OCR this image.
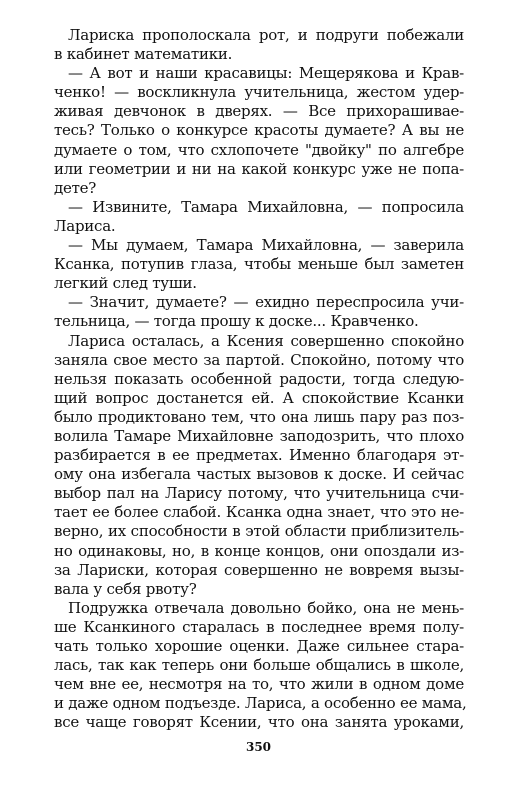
Лариска прополоскала рот, и подруги побежали
в кабинет математики.
— А вот и наши красавицы: Мещерякова и Крав-
ченко! — воскликнула учительница, жестом удер-
живая девчонок в дверях. — Все прихорашивае-
тесь? Только о конкурсе красоты думаете? А вы не
думаете о том, что схлопочете "двойку" по алгебре
или геометрии и ни на какой конкурс уже не попа-
дете?
— Извините, Тамара Михайловна, — попросила
Лариса.
— Мы думаем, Тамара Михайловна, — заверила
Ксанка, потупив глаза, чтобы меньше был заметен
легкий след туши.
— Значит, думаете? — ехидно переспросила учи-
тельница, — тогда прошу к доске... Кравченко.
Лариса осталась, а Ксения совершенно спокойно
заняла свое место за партой. Спокойно, потому что
нельзя показать особенной радости, тогда следую-
щий вопрос достанется ей. А спокойствие Ксанки
было продиктовано тем, что она лишь пару раз поз-
волила Тамаре Михайловне заподозрить, что плохо
разбирается в ее предметах. Именно благодаря эт-
ому она избегала частых вызовов к доске. И сейчас
выбор пал на Ларису потому, что учительница счи-
тает ее более слабой. Ксанка одна знает, что это не-
верно, их способности в этой области приблизитель-
но одинаковы, но, в конце концов, они опоздали из-
за Лариски, которая совершенно не вовремя вызы-
вала у себя рвоту?
Подружка отвечала довольно бойко, она не мень-
ше Ксанкиного старалась в последнее время полу-
чать только хорошие оценки. Даже сильнее стара-
лась, так как теперь они больше общались в школе,
чем вне ее, несмотря на то, что жили в одном доме
и даже одном подъезде. Лариса, а особенно ее мама,
все чаще говорят Ксении, что она занята уроками,
350
